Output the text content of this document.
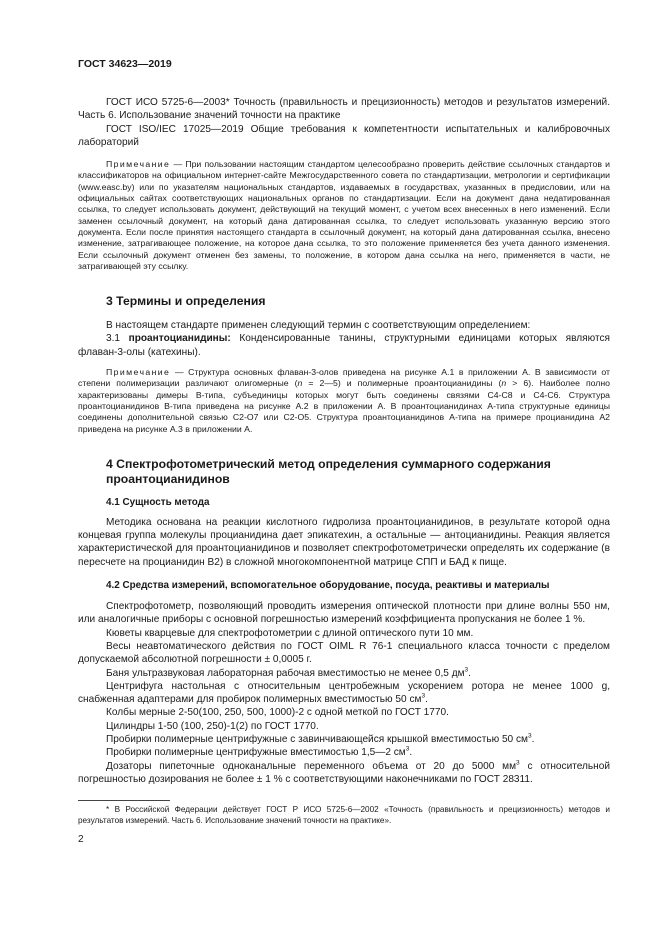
ГОСТ 34623—2019

ГОСТ ИСО 5725-6—2003* Точность (правильность и прецизионность) методов и результатов измерений. Часть 6. Использование значений точности на практике

ГОСТ ISO/IEC 17025—2019 Общие требования к компетентности испытательных и калибровочных лабораторий

Примечание — При пользовании настоящим стандартом целесообразно проверить действие ссылочных стандартов и классификаторов на официальном интернет-сайте Межгосударственного совета по стандартизации, метрологии и сертификации (www.easc.by) или по указателям национальных стандартов, издаваемых в государствах, указанных в предисловии, или на официальных сайтах соответствующих национальных органов по стандартизации. Если на документ дана недатированная ссылка, то следует использовать документ, действующий на текущий момент, с учетом всех внесенных в него изменений. Если заменен ссылочный документ, на который дана датированная ссылка, то следует использовать указанную версию этого документа. Если после принятия настоящего стандарта в ссылочный документ, на который дана датированная ссылка, внесено изменение, затрагивающее положение, на которое дана ссылка, то это положение применяется без учета данного изменения. Если ссылочный документ отменен без замены, то положение, в котором дана ссылка на него, применяется в части, не затрагивающей эту ссылку.

3 Термины и определения

В настоящем стандарте применен следующий термин с соответствующим определением:

3.1 проантоцианидины: Конденсированные танины, структурными единицами которых являются флаван-3-олы (катехины).

Примечание — Структура основных флаван-3-олов приведена на рисунке А.1 в приложении А. В зависимости от степени полимеризации различают олигомерные (n = 2—5) и полимерные проантоцианидины (n > 6). Наиболее полно характеризованы димеры В-типа, субъединицы которых могут быть соединены связями С4-С8 и С4-С6. Структура проантоцианидинов В-типа приведена на рисунке А.2 в приложении А. В проантоцианидинах А-типа структурные единицы соединены дополнительной связью С2-О7 или С2-О5. Структура проантоцианидинов А-типа на примере процианидина А2 приведена на рисунке А.3 в приложении А.

4 Спектрофотометрический метод определения суммарного содержания проантоцианидинов
4.1 Сущность метода

Методика основана на реакции кислотного гидролиза проантоцианидинов, в результате которой одна концевая группа молекулы процианидина дает эпикатехин, а остальные — антоцианидины. Реакция является характеристической для проантоцианидинов и позволяет спектрофотометрически определять их содержание (в пересчете на процианидин В2) в сложной многокомпонентной матрице СПП и БАД к пище.

4.2 Средства измерений, вспомогательное оборудование, посуда, реактивы и материалы

Спектрофотометр, позволяющий проводить измерения оптической плотности при длине волны 550 нм, или аналогичные приборы с основной погрешностью измерений коэффициента пропускания не более 1 %.

Кюветы кварцевые для спектрофотометрии с длиной оптического пути 10 мм.

Весы неавтоматического действия по ГОСТ OIML R 76-1 специального класса точности с пределом допускаемой абсолютной погрешности ± 0,0005 г.

Баня ультразвуковая лабораторная рабочая вместимостью не менее 0,5 $дм^3$.

Центрифуга настольная с относительным центробежным ускорением ротора не менее 1000 g, снабженная адаптерами для пробирок полимерных вместимостью 50 $см^3$.

Колбы мерные 2-50(100, 250, 500, 1000)-2 с одной меткой по ГОСТ 1770.

Цилиндры 1-50 (100, 250)-1(2) по ГОСТ 1770.

Пробирки полимерные центрифужные с завинчивающейся крышкой вместимостью 50 $см^3$.

Пробирки полимерные центрифужные вместимостью 1,5—2 $см^3$.

Дозаторы пипеточные одноканальные переменного объема от 20 до 5000 $мм^3$ с относительной погрешностью дозирования не более ± 1 % с соответствующими наконечниками по ГОСТ 28311.

* В Российской Федерации действует ГОСТ Р ИСО 5725-6—2002 «Точность (правильность и прецизионность) методов и результатов измерений. Часть 6. Использование значений точности на практике».

2
